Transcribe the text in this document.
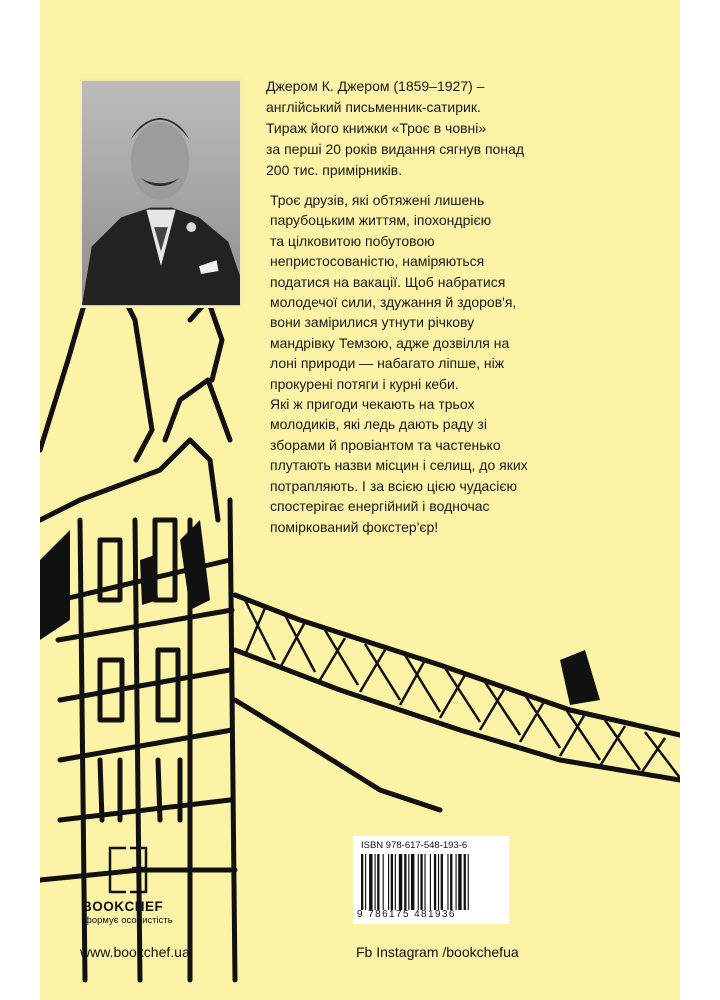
Джером К. Джером (1859–1927) –

англійський письменник-сатирик.

Тираж його книжки «Троє в човні»

за перші 20 років видання сягнув понад

200 тис. примірників.

Троє друзів, які обтяжені лишень
парубоцьким життям, іпохондрією
та цілковитою побутовою
непристосованістю, наміряються
податися на вакації. Щоб набратися
молодечої сили, здужання й здоров'я,
вони замірилися утнути річкову
мандрівку Темзою, адже дозвілля на
лоні природи — набагато ліпше, ніж
прокурені потяги і курні кеби.
Які ж пригоди чекають на трьох
молодиків, які ледь дають раду зі
зборами й провіантом та частенько
плутають назви місцин і селищ, до яких
потрапляють. І за всією цією чудасією
спостерігає енергійний і водночас
поміркований фокстер'єр!
ISBN 978-617-548-193-6
9 786175 481936
BOOKCHEF
формує особистість
www.bookchef.ua	Fb Instagram /bookchefua
